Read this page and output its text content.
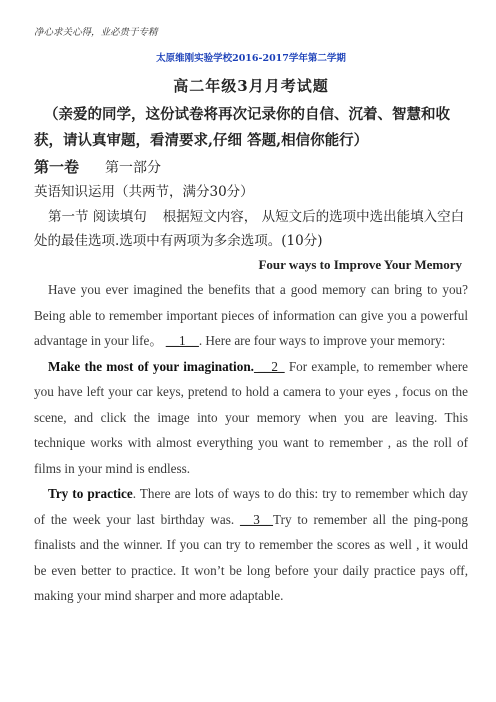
净心求关心得，业必贵于专精

太原维刚实验学校2016-2017学年第二学期

高二年级3月月考试题

（亲爱的同学，这份试卷将再次记录你的自信、沉着、智慧和收获，请认真审题，看清要求,仔细 答题,相信你能行）

第一卷 第一部分

英语知识运用（共两节，满分30分）

第一节 阅读填句 根据短文内容， 从短文后的选项中选出能填入空白处的最佳选项.选项中有两项为多余选项。(10分)

Four ways to Improve Your Memory

Have you ever imagined the benefits that a good memory can bring to you? Being able to remember important pieces of information can give you a powerful advantage in your life。 __1__. Here are four ways to improve your memory:

Make the most of your imagination. __2_ For example, to remember where you have left your car keys, pretend to hold a camera to your eyes , focus on the scene, and click the image into your memory when you are leaving. This technique works with almost everything you want to remember , as the roll of films in your mind is endless.

Try to practice. There are lots of ways to do this: try to remember which day of the week your last birthday was. __3__Try to remember all the ping-pong finalists and the winner. If you can try to remember the scores as well , it would be even better to practice. It won’t be long before your daily practice pays off, making your mind sharper and more adaptable.
